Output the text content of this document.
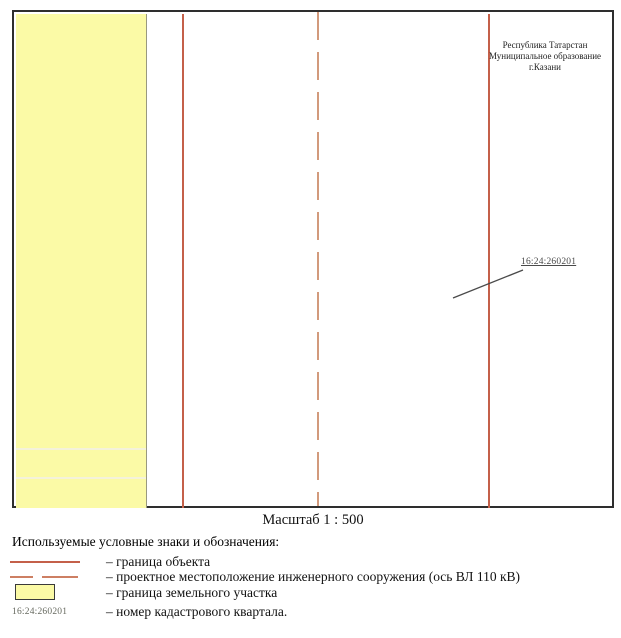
Республика Татарстан
Муниципальное образование
г.Казани
16:24:260201
Масштаб 1 : 500
Используемые условные знаки и обозначения:
– граница объекта
– проектное местоположение инженерного сооружения (ось ВЛ 110 кВ)
– граница земельного участка
16:24:260201	– номер кадастрового квартала.
